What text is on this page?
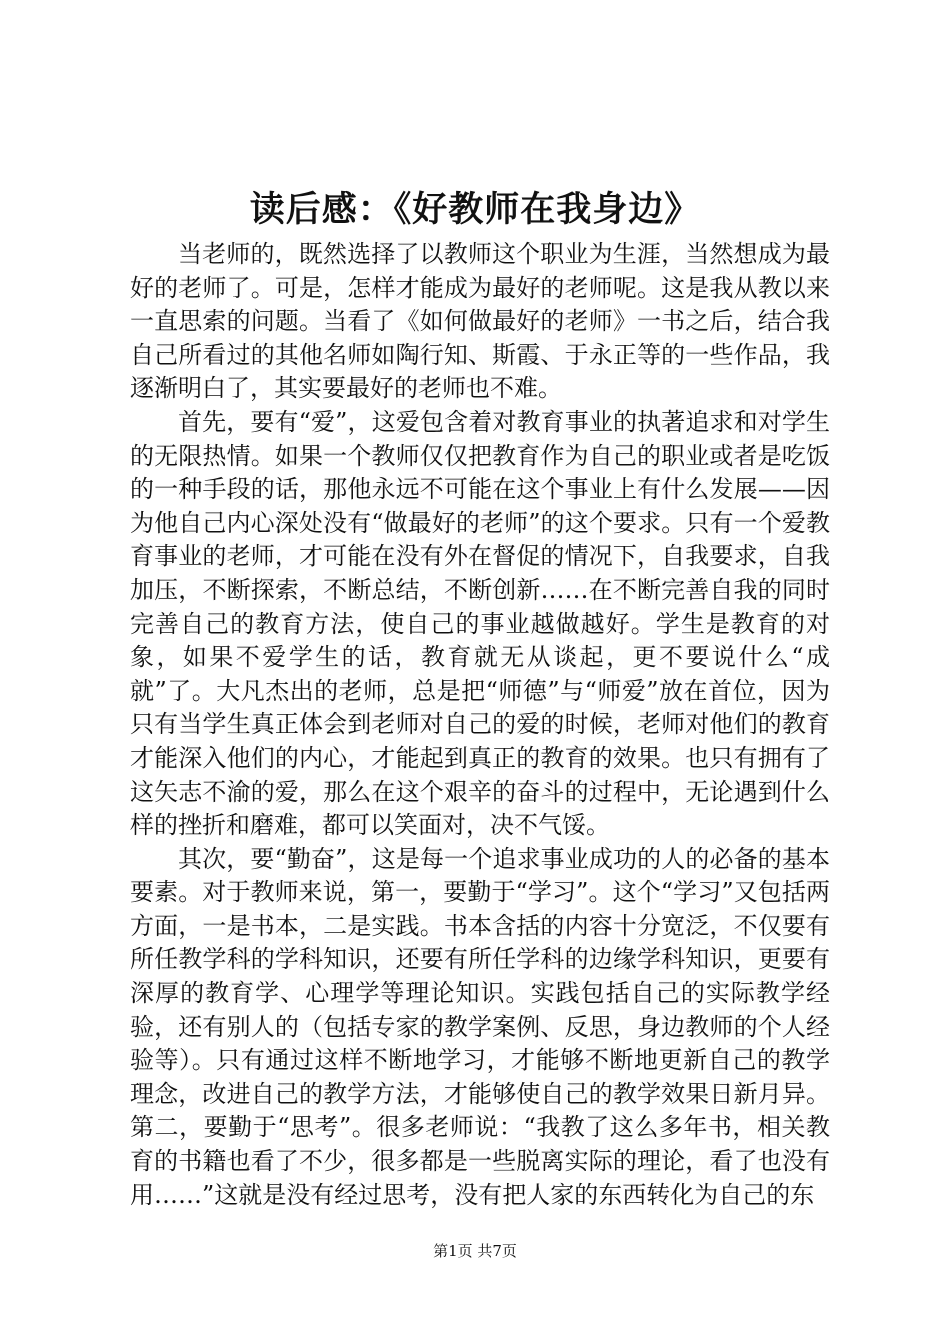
读后感：《好教师在我身边》

当老师的，既然选择了以教师这个职业为生涯，当然想成为最好的老师了。可是，怎样才能成为最好的老师呢。这是我从教以来一直思索的问题。当看了《如何做最好的老师》一书之后，结合我自己所看过的其他名师如陶行知、斯霞、于永正等的一些作品，我逐渐明白了，其实要最好的老师也不难。

首先，要有“爱”，这爱包含着对教育事业的执著追求和对学生的无限热情。如果一个教师仅仅把教育作为自己的职业或者是吃饭的一种手段的话，那他永远不可能在这个事业上有什么发展——因为他自己内心深处没有“做最好的老师”的这个要求。只有一个爱教育事业的老师，才可能在没有外在督促的情况下，自我要求，自我加压，不断探索，不断总结，不断创新……在不断完善自我的同时完善自己的教育方法，使自己的事业越做越好。学生是教育的对象，如果不爱学生的话，教育就无从谈起，更不要说什么“成就”了。大凡杰出的老师，总是把“师德”与“师爱”放在首位，因为只有当学生真正体会到老师对自己的爱的时候，老师对他们的教育才能深入他们的内心，才能起到真正的教育的效果。也只有拥有了这矢志不渝的爱，那么在这个艰辛的奋斗的过程中，无论遇到什么样的挫折和磨难，都可以笑面对，决不气馁。

其次，要“勤奋”，这是每一个追求事业成功的人的必备的基本要素。对于教师来说，第一，要勤于“学习”。这个“学习”又包括两方面，一是书本，二是实践。书本含括的内容十分宽泛，不仅要有所任教学科的学科知识，还要有所任学科的边缘学科知识，更要有深厚的教育学、心理学等理论知识。实践包括自己的实际教学经验，还有别人的（包括专家的教学案例、反思，身边教师的个人经验等）。只有通过这样不断地学习，才能够不断地更新自己的教学理念，改进自己的教学方法，才能够使自己的教学效果日新月异。第二，要勤于“思考”。很多老师说：“我教了这么多年书，相关教育的书籍也看了不少，很多都是一些脱离实际的理论，看了也没有用……”这就是没有经过思考，没有把人家的东西转化为自己的东

第1页 共7页
